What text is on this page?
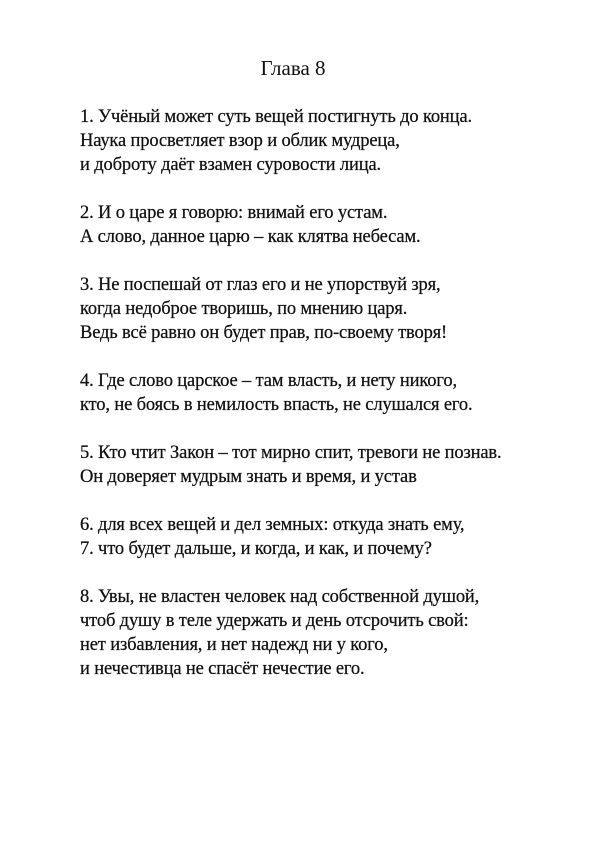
Глава 8
1. Учёный может суть вещей постигнуть до конца.
Наука просветляет взор и облик мудреца,
и доброту даёт взамен суровости лица.
2. И о царе я говорю: внимай его устам.
А слово, данное царю – как клятва небесам.
3. Не поспешай от глаз его и не упорствуй зря,
когда недоброе творишь, по мнению царя.
Ведь всё равно он будет прав, по-своему творя!
4. Где слово царское – там власть, и нету никого,
кто, не боясь в немилость впасть, не слушался его.
5. Кто чтит Закон – тот мирно спит, тревоги не познав.
Он доверяет мудрым знать и время, и устав
6. для всех вещей и дел земных: откуда знать ему,
7. что будет дальше, и когда, и как, и почему?
8. Увы, не властен человек над собственной душой,
чтоб душу в теле удержать и день отсрочить свой:
нет избавления, и нет надежд ни у кого,
и нечестивца не спасёт нечестие его.
